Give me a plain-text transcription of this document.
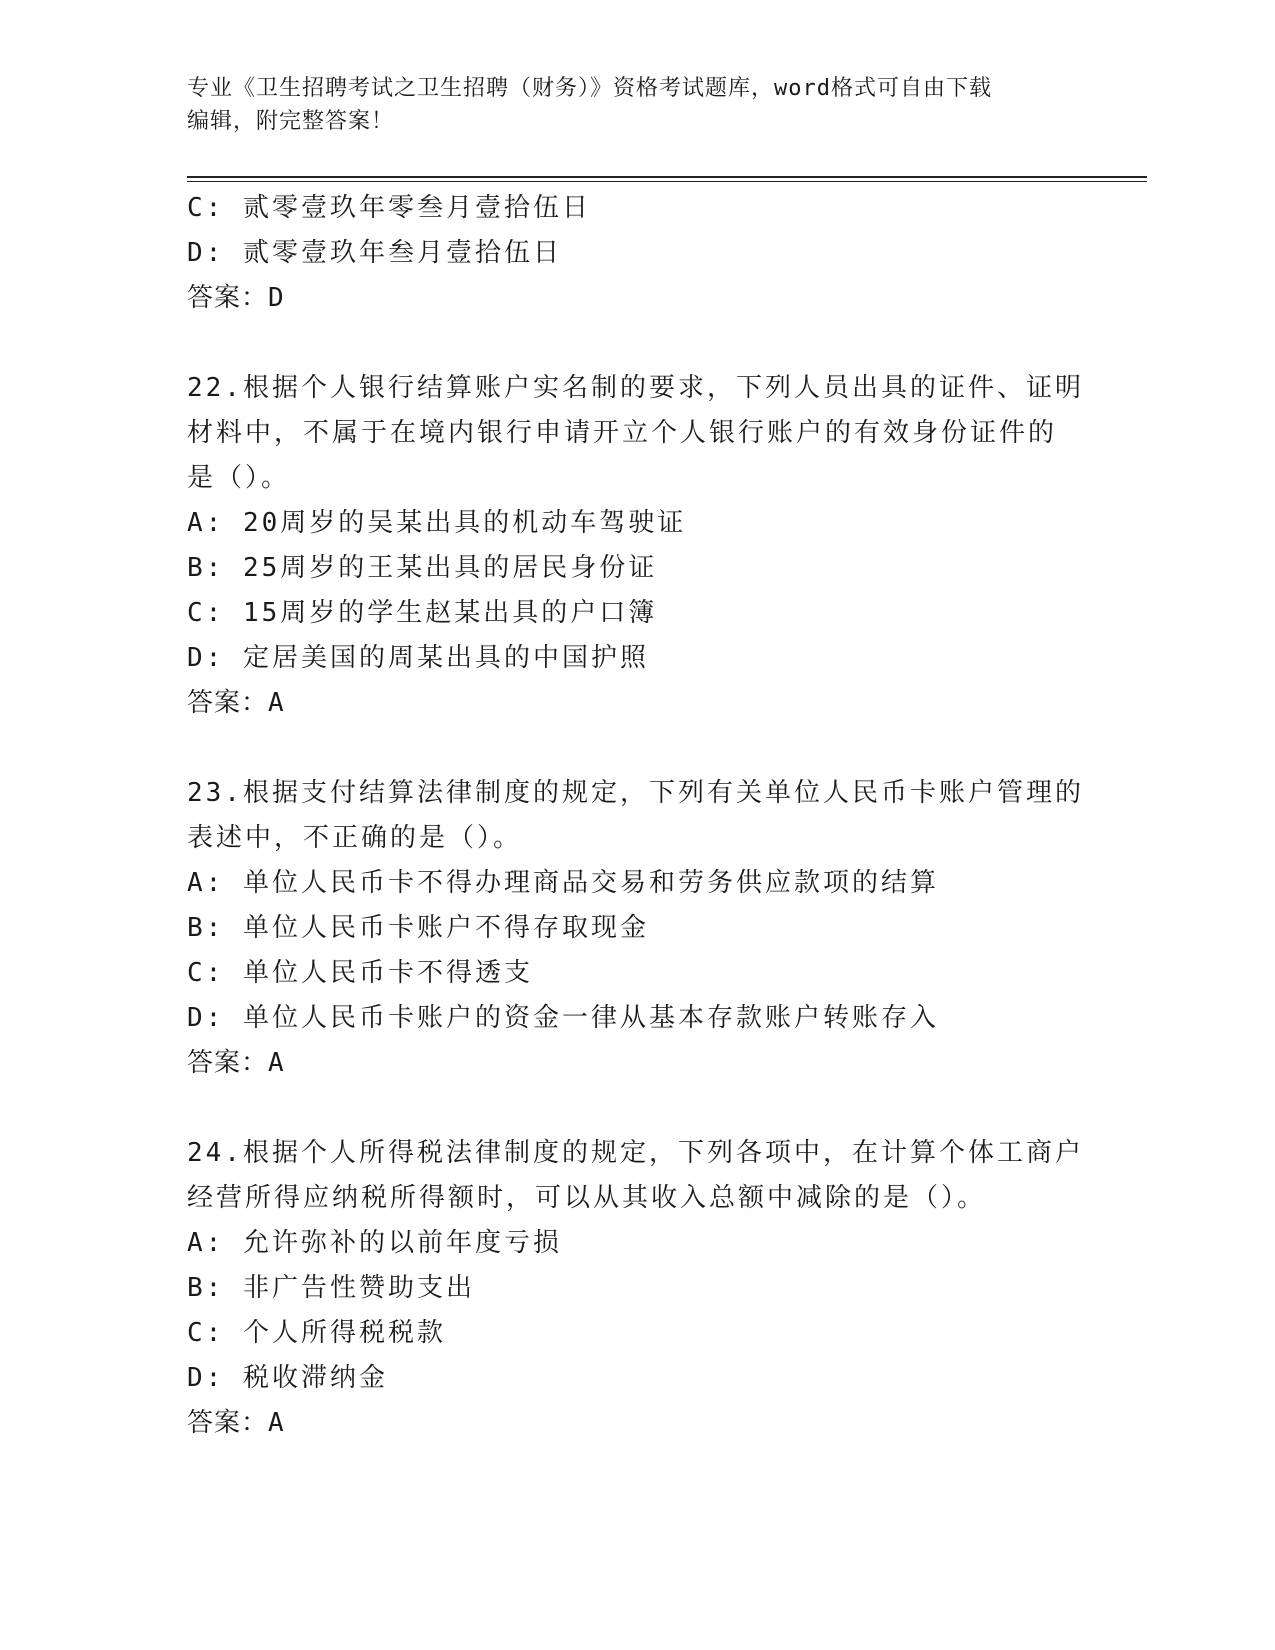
专业《卫生招聘考试之卫生招聘（财务）》资格考试题库，word格式可自由下载
编辑，附完整答案！
C: 贰零壹玖年零叁月壹拾伍日
D: 贰零壹玖年叁月壹拾伍日
答案：D
22.根据个人银行结算账户实名制的要求，下列人员出具的证件、证明
材料中，不属于在境内银行申请开立个人银行账户的有效身份证件的
是（）。
A: 20周岁的吴某出具的机动车驾驶证
B: 25周岁的王某出具的居民身份证
C: 15周岁的学生赵某出具的户口簿
D: 定居美国的周某出具的中国护照
答案：A
23.根据支付结算法律制度的规定，下列有关单位人民币卡账户管理的
表述中，不正确的是（）。
A: 单位人民币卡不得办理商品交易和劳务供应款项的结算
B: 单位人民币卡账户不得存取现金
C: 单位人民币卡不得透支
D: 单位人民币卡账户的资金一律从基本存款账户转账存入
答案：A
24.根据个人所得税法律制度的规定，下列各项中，在计算个体工商户
经营所得应纳税所得额时，可以从其收入总额中减除的是（）。
A: 允许弥补的以前年度亏损
B: 非广告性赞助支出
C: 个人所得税税款
D: 税收滞纳金
答案：A
